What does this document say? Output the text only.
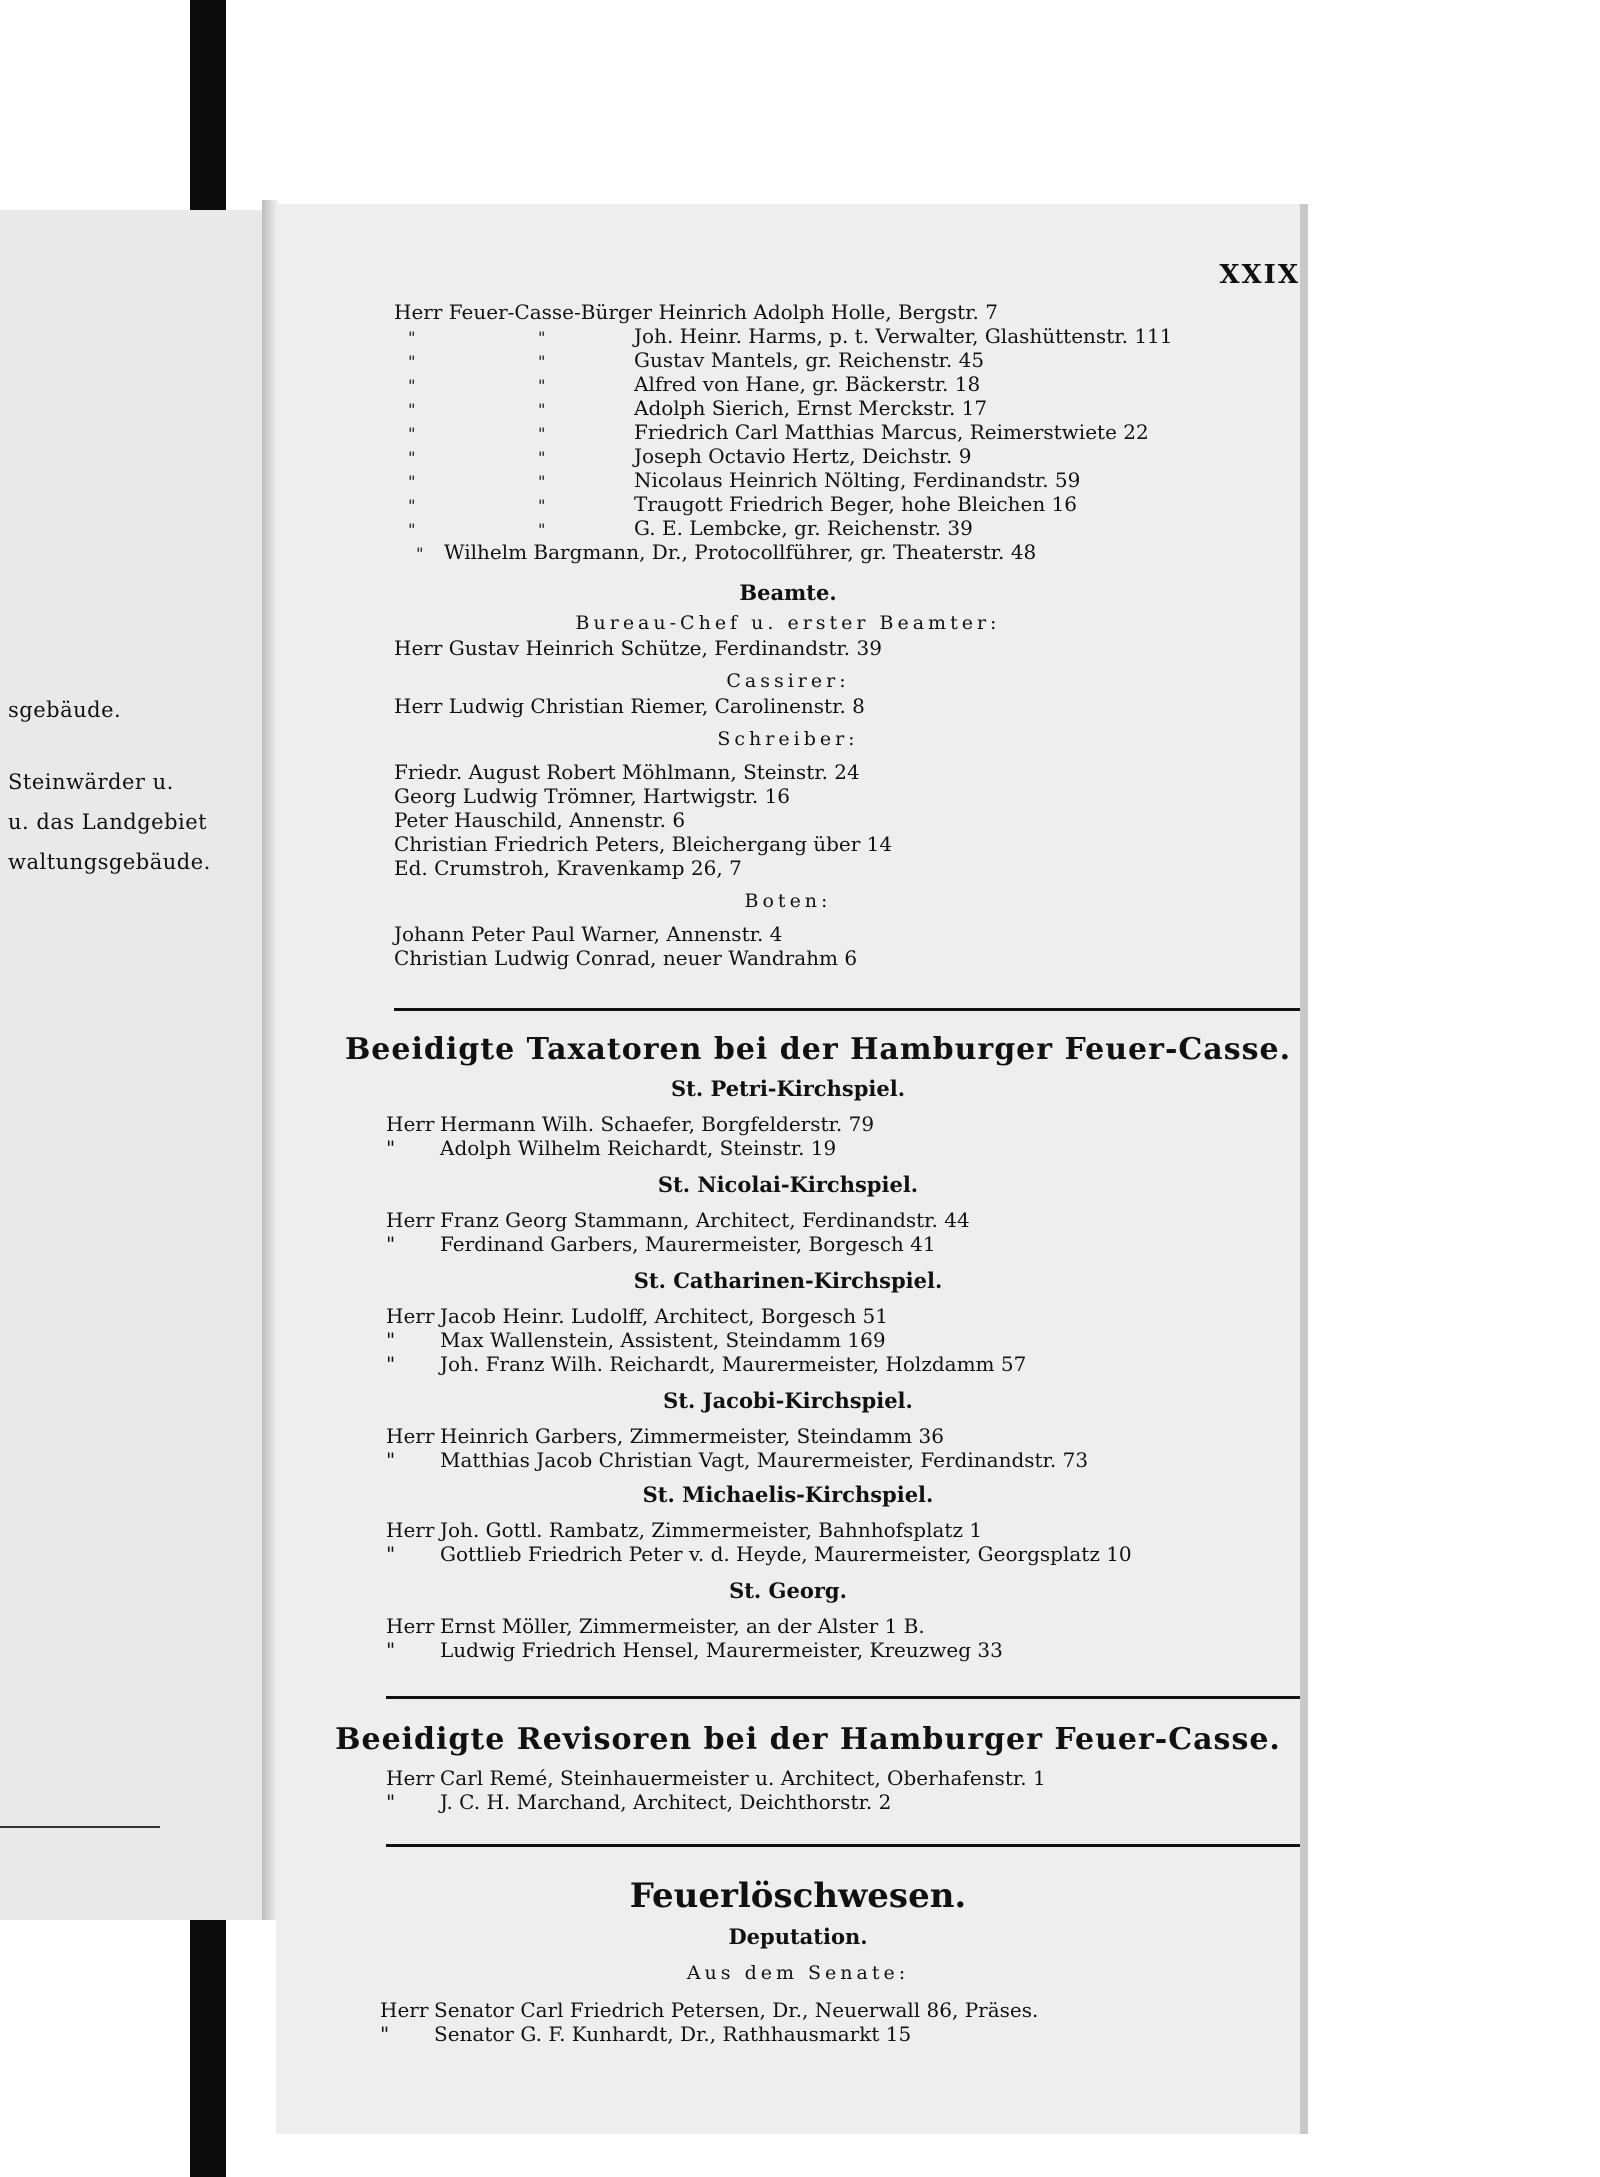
sgebäude.
Steinwärder u.
u. das Landgebiet
waltungsgebäude.
XXIX
Herr Feuer-Casse-Bürger Heinrich Adolph Holle, Bergstr. 7
"	"	Joh. Heinr. Harms, p. t. Verwalter, Glashüttenstr. 111
"	"	Gustav Mantels, gr. Reichenstr. 45
"	"	Alfred von Hane, gr. Bäckerstr. 18
"	"	Adolph Sierich, Ernst Merckstr. 17
"	"	Friedrich Carl Matthias Marcus, Reimerstwiete 22
"	"	Joseph Octavio Hertz, Deichstr. 9
"	"	Nicolaus Heinrich Nölting, Ferdinandstr. 59
"	"	Traugott Friedrich Beger, hohe Bleichen 16
"	"	G. E. Lembcke, gr. Reichenstr. 39
" Wilhelm Bargmann, Dr., Protocollführer, gr. Theaterstr. 48
Beamte.
Bureau-Chef u. erster Beamter:
Herr Gustav Heinrich Schütze, Ferdinandstr. 39
Cassirer:
Herr Ludwig Christian Riemer, Carolinenstr. 8
Schreiber:
Friedr. August Robert Möhlmann, Steinstr. 24
Georg Ludwig Trömner, Hartwigstr. 16
Peter Hauschild, Annenstr. 6
Christian Friedrich Peters, Bleichergang über 14
Ed. Crumstroh, Kravenkamp 26, 7
Boten:
Johann Peter Paul Warner, Annenstr. 4
Christian Ludwig Conrad, neuer Wandrahm 6
Beeidigte Taxatoren bei der Hamburger Feuer-Casse.
St. Petri-Kirchspiel.
Herr Hermann Wilh. Schaefer, Borgfelderstr. 79
" Adolph Wilhelm Reichardt, Steinstr. 19
St. Nicolai-Kirchspiel.
Herr Franz Georg Stammann, Architect, Ferdinandstr. 44
" Ferdinand Garbers, Maurermeister, Borgesch 41
St. Catharinen-Kirchspiel.
Herr Jacob Heinr. Ludolff, Architect, Borgesch 51
" Max Wallenstein, Assistent, Steindamm 169
" Joh. Franz Wilh. Reichardt, Maurermeister, Holzdamm 57
St. Jacobi-Kirchspiel.
Herr Heinrich Garbers, Zimmermeister, Steindamm 36
" Matthias Jacob Christian Vagt, Maurermeister, Ferdinandstr. 73
St. Michaelis-Kirchspiel.
Herr Joh. Gottl. Rambatz, Zimmermeister, Bahnhofsplatz 1
" Gottlieb Friedrich Peter v. d. Heyde, Maurermeister, Georgsplatz 10
St. Georg.
Herr Ernst Möller, Zimmermeister, an der Alster 1 B.
" Ludwig Friedrich Hensel, Maurermeister, Kreuzweg 33
Beeidigte Revisoren bei der Hamburger Feuer-Casse.
Herr Carl Remé, Steinhauermeister u. Architect, Oberhafenstr. 1
" J. C. H. Marchand, Architect, Deichthorstr. 2
Feuerlöschwesen.
Deputation.
Aus dem Senate:
Herr Senator Carl Friedrich Petersen, Dr., Neuerwall 86, Präses.
" Senator G. F. Kunhardt, Dr., Rathhausmarkt 15
